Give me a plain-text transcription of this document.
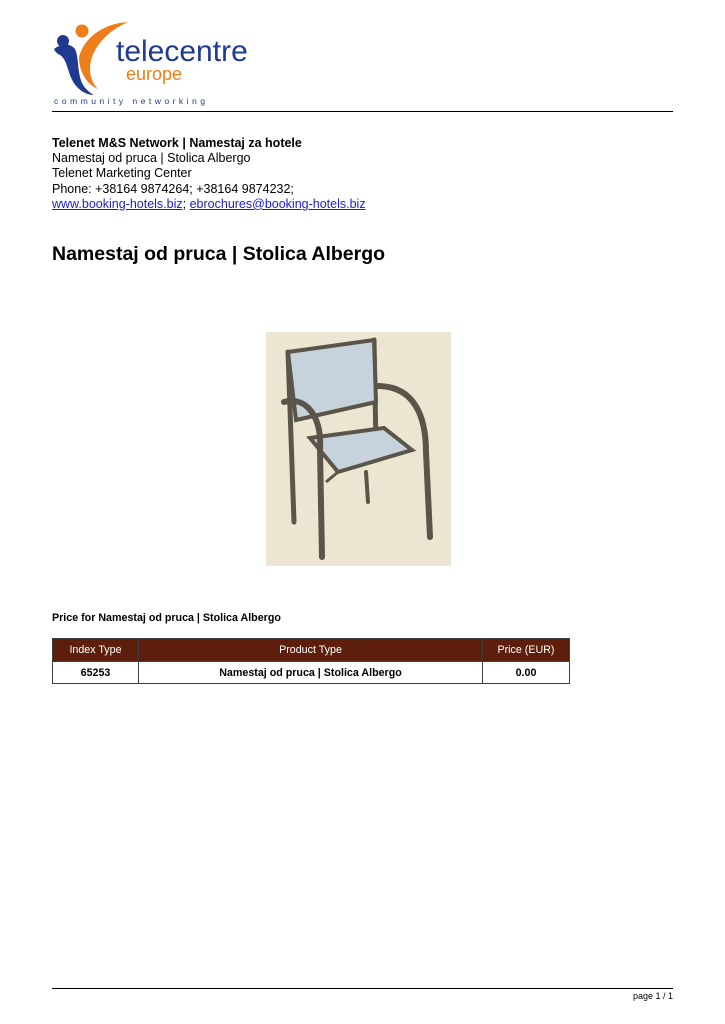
telecentre
europe
community networking
Telenet M&S Network | Namestaj za hotele
Namestaj od pruca | Stolica Albergo
Telenet Marketing Center
Phone: +38164 9874264; +38164 9874232;
www.booking-hotels.biz; ebrochures@booking-hotels.biz
Namestaj od pruca | Stolica Albergo
Price for Namestaj od pruca | Stolica Albergo
Index Type	Product Type	Price (EUR)
65253	Namestaj od pruca | Stolica Albergo	0.00
page 1 / 1
